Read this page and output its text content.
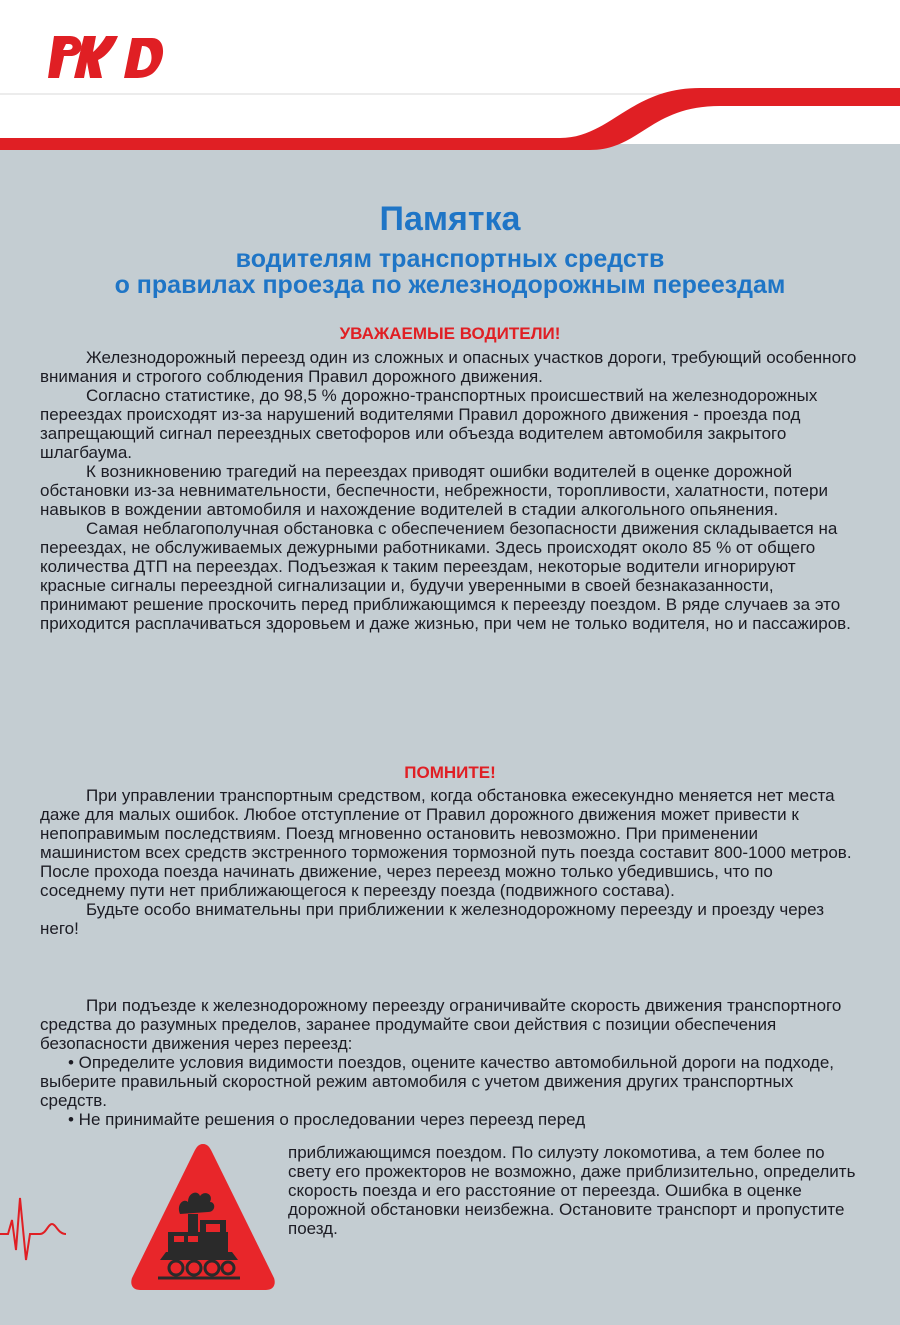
Памятка
водителям транспортных средств
о правилах проезда по железнодорожным переездам
УВАЖАЕМЫЕ ВОДИТЕЛИ!

Железнодорожный переезд один из сложных и опасных участков дороги, требующий особенного внимания и строгого соблюдения Правил дорожного движения.

Согласно статистике, до 98,5 % дорожно-транспортных происшествий на железнодорожных переездах происходят из-за нарушений водителями Правил дорожного движения - проезда под запрещающий сигнал переездных светофоров или объезда водителем автомобиля закрытого шлагбаума.

К возникновению трагедий на переездах приводят ошибки водителей в оценке дорожной обстановки из-за невнимательности, беспечности, небрежности, торопливости, халатности, потери навыков в вождении автомобиля и нахождение водителей в стадии алкогольного опьянения.

Самая неблагополучная обстановка с обеспечением безопасности движения складывается на переездах, не обслуживаемых дежурными работниками. Здесь происходят около 85 % от общего количества ДТП на переездах. Подъезжая к таким переездам, некоторые водители игнорируют красные сигналы переездной сигнализации и, будучи уверенными в своей безнаказанности, принимают решение проскочить перед приближающимся к переезду поездом. В ряде случаев за это приходится расплачиваться здоровьем и даже жизнью, при чем не только водителя, но и пассажиров.

ПОМНИТЕ!

При управлении транспортным средством, когда обстановка ежесекундно меняется нет места даже для малых ошибок. Любое отступление от Правил дорожного движения может привести к непоправимым последствиям. Поезд мгновенно остановить невозможно. При применении машинистом всех средств экстренного торможения тормозной путь поезда составит 800-1000 метров. После прохода поезда начинать движение, через переезд можно только убедившись, что по соседнему пути нет приближающегося к переезду поезда (подвижного состава).

Будьте особо внимательны при приближении к железнодорожному переезду и проезду через него!

При подъезде к железнодорожному переезду ограничивайте скорость движения транспортного средства до разумных пределов, заранее продумайте свои действия с позиции обеспечения безопасности движения через переезд:

• Определите условия видимости поездов, оцените качество автомобильной дороги на подходе, выберите правильный скоростной режим автомобиля с учетом движения других транспортных средств.

• Не принимайте решения о проследовании через переезд перед

приближающимся поездом. По силуэту локомотива, а тем более по свету его прожекторов не возможно, даже приблизительно, определить скорость поезда и его расстояние от переезда. Ошибка в оценке дорожной обстановки неизбежна. Остановите транспорт и пропустите поезд.
